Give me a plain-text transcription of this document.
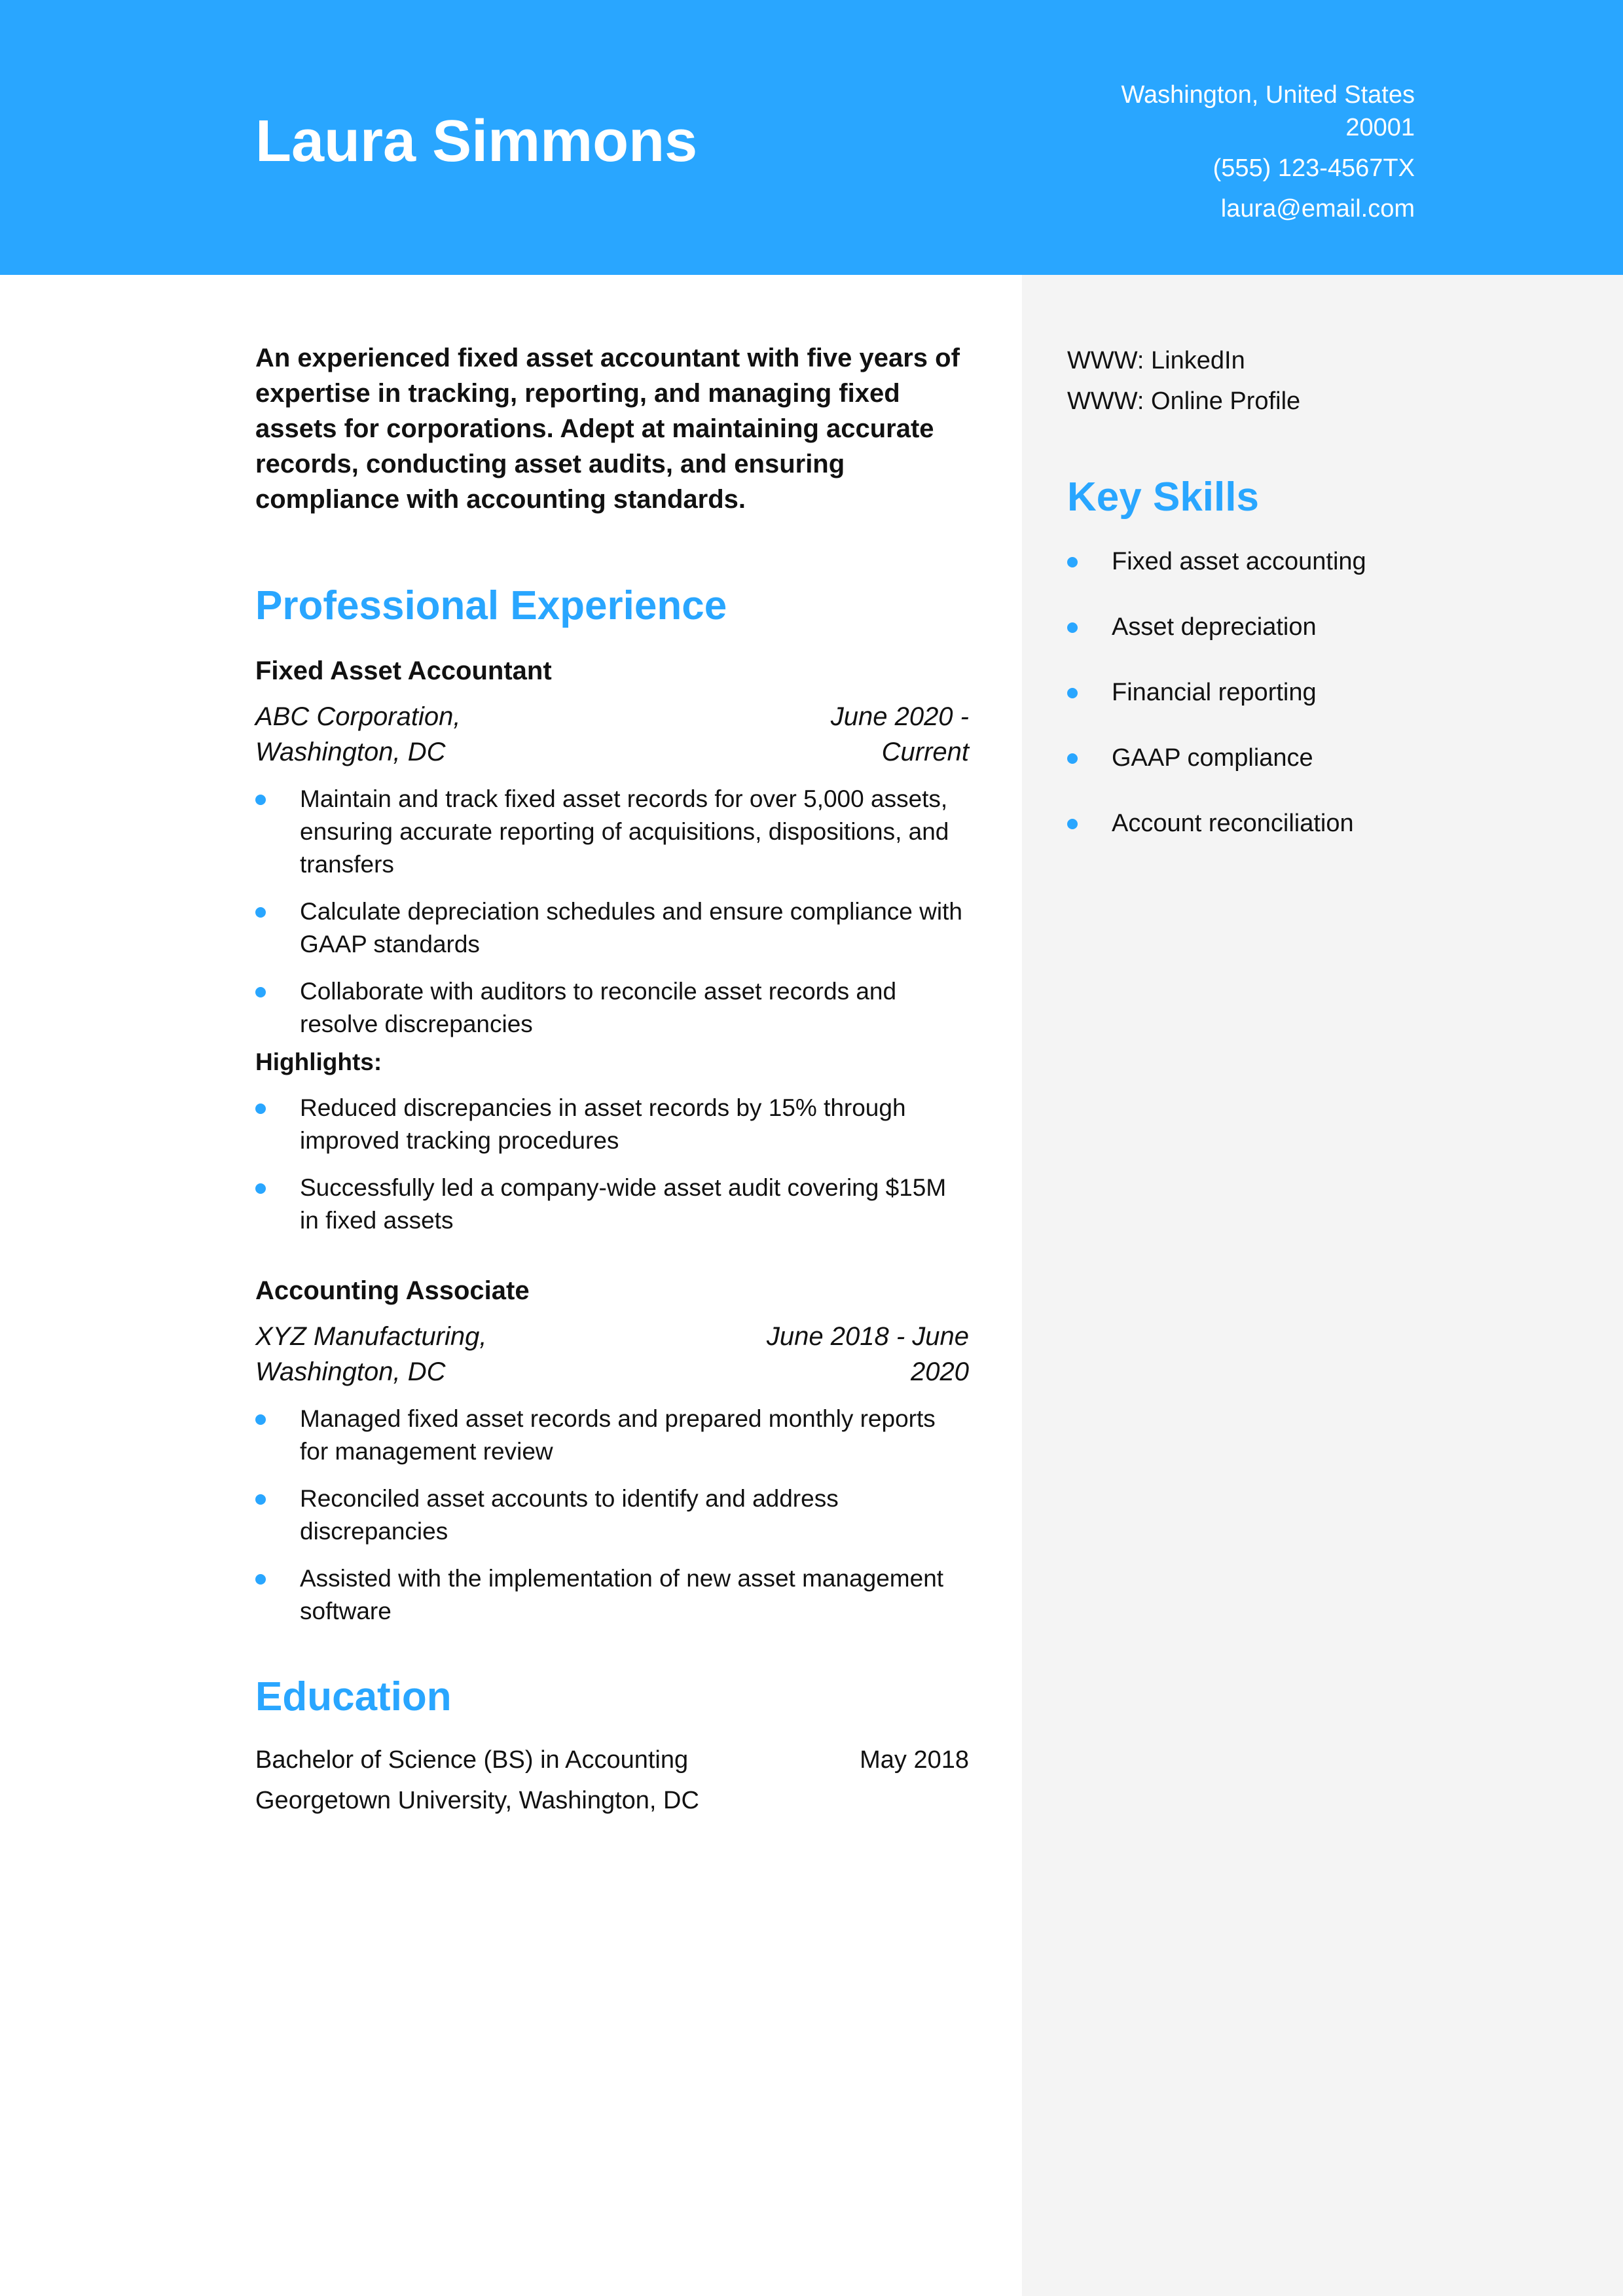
Laura Simmons
Washington, United States
20001
(555) 123-4567TX
laura@email.com

An experienced fixed asset accountant with five years of expertise in tracking, reporting, and managing fixed assets for corporations. Adept at maintaining accurate records, conducting asset audits, and ensuring compliance with accounting standards.

Professional Experience

Fixed Asset Accountant

ABC Corporation,
Washington, DC
June 2020 -
Current
Maintain and track fixed asset records for over 5,000 assets, ensuring accurate reporting of acquisitions, dispositions, and transfers
Calculate depreciation schedules and ensure compliance with GAAP standards
Collaborate with auditors to reconcile asset records and resolve discrepancies
Highlights:
Reduced discrepancies in asset records by 15% through improved tracking procedures
Successfully led a company-wide asset audit covering $15M in fixed assets

Accounting Associate

XYZ Manufacturing,
Washington, DC
June 2018 - June
2020
Managed fixed asset records and prepared monthly reports for management review
Reconciled asset accounts to identify and address discrepancies
Assisted with the implementation of new asset management software
Education
Bachelor of Science (BS) in Accounting	May 2018
Georgetown University, Washington, DC
WWW: LinkedIn
WWW: Online Profile
Key Skills
Fixed asset accounting
Asset depreciation
Financial reporting
GAAP compliance
Account reconciliation
